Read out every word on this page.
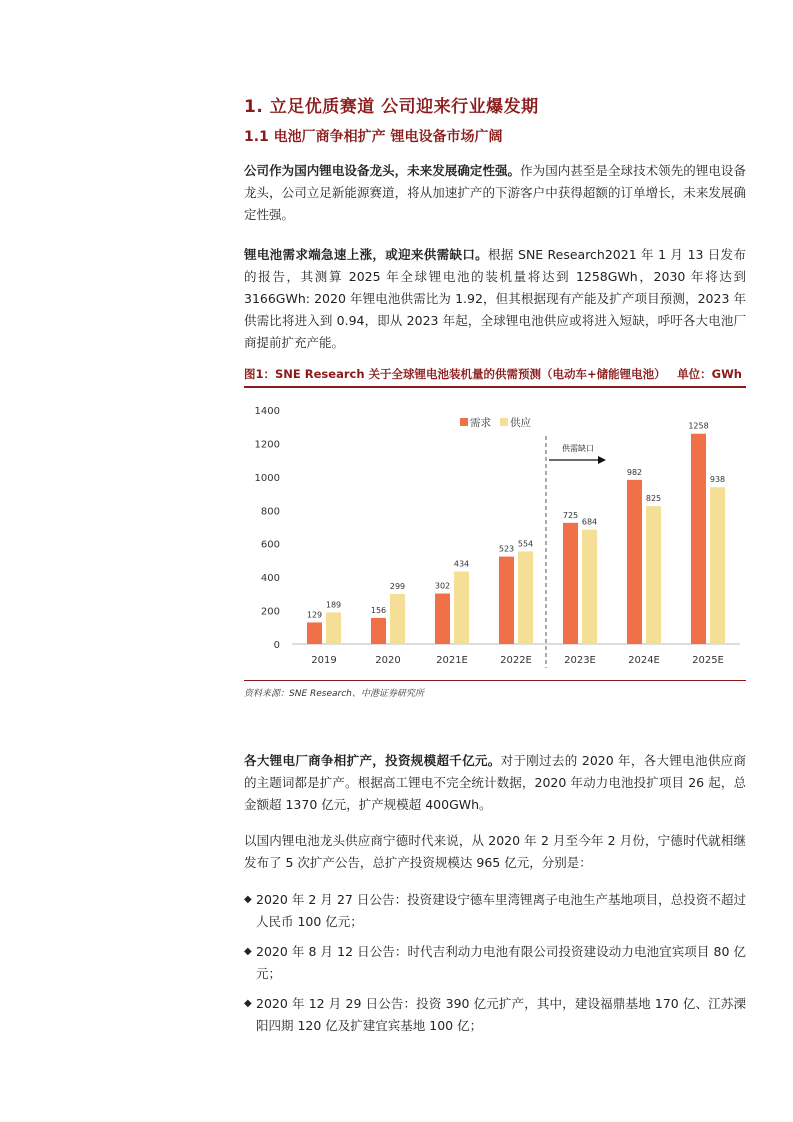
1. 立足优质赛道 公司迎来行业爆发期
1.1 电池厂商争相扩产 锂电设备市场广阔
公司作为国内锂电设备龙头，未来发展确定性强。作为国内甚至是全球技术领先的锂电设备龙头，公司立足新能源赛道，将从加速扩产的下游客户中获得超额的订单增长，未来发展确定性强。
锂电池需求端急速上涨，或迎来供需缺口。根据 SNE Research2021 年 1 月 13 日发布的报告，其测算 2025 年全球锂电池的装机量将达到 1258GWh，2030 年将达到 3166GWh: 2020 年锂电池供需比为 1.92，但其根据现有产能及扩产项目预测，2023 年供需比将进入到 0.94，即从 2023 年起，全球锂电池供应或将进入短缺，呼吁各大电池厂商提前扩充产能。
图1：SNE Research 关于全球锂电池装机量的供需预测（电动车+储能锂电池） 单位：GWh
0
200
400
600
800
1000
1200
1400
2019
129
189
2020
156
299
2021E
302
434
2022E
523
554
2023E
725
684
2024E
982
825
2025E
1258
938
供需缺口
需求 供应
资料来源：SNE Research、中港证券研究所
各大锂电厂商争相扩产，投资规模超千亿元。对于刚过去的 2020 年，各大锂电池供应商的主题词都是扩产。根据高工锂电不完全统计数据，2020 年动力电池投扩项目 26 起，总金额超 1370 亿元，扩产规模超 400GWh。
以国内锂电池龙头供应商宁德时代来说，从 2020 年 2 月至今年 2 月份，宁德时代就相继发布了 5 次扩产公告，总扩产投资规模达 965 亿元，分别是：
◆ 2020 年 2 月 27 日公告：投资建设宁德车里湾锂离子电池生产基地项目，总投资不超过人民币 100 亿元；
◆ 2020 年 8 月 12 日公告：时代吉利动力电池有限公司投资建设动力电池宜宾项目 80 亿元；
◆ 2020 年 12 月 29 日公告：投资 390 亿元扩产，其中，建设福鼎基地 170 亿、江苏溧阳四期 120 亿及扩建宜宾基地 100 亿；
